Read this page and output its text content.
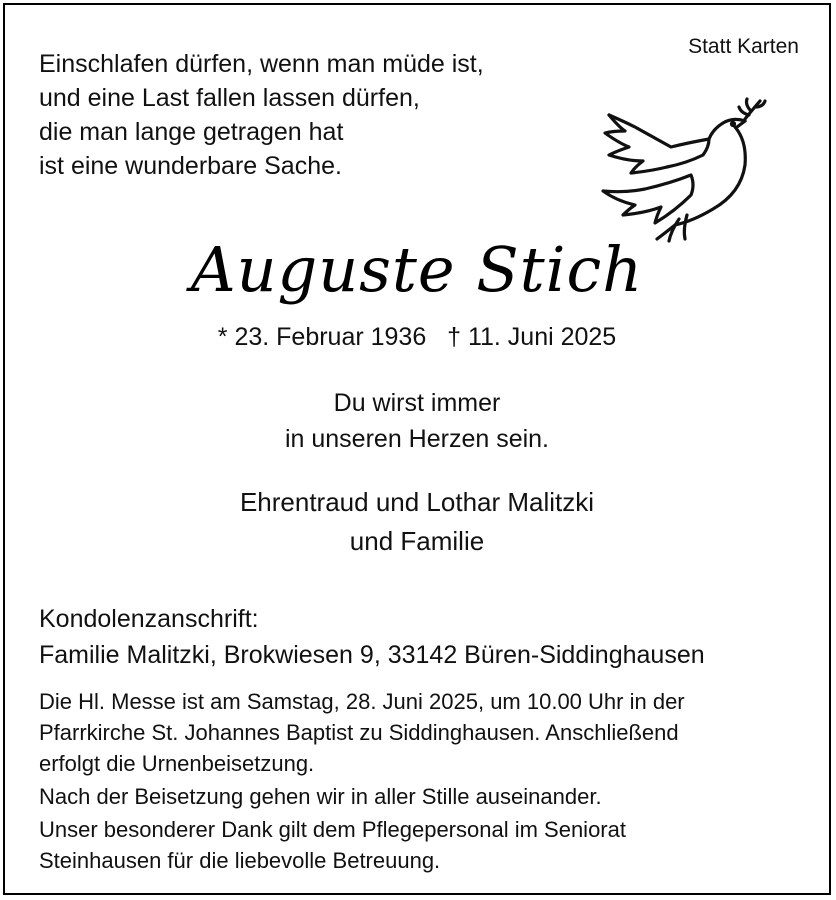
Statt Karten
Einschlafen dürfen, wenn man müde ist,
und eine Last fallen lassen dürfen,
die man lange getragen hat
ist eine wunderbare Sache.
Auguste Stich
* 23. Februar 1936 † 11. Juni 2025
Du wirst immer
in unseren Herzen sein.
Ehrentraud und Lothar Malitzki
und Familie
Kondolenzanschrift:
Familie Malitzki, Brokwiesen 9, 33142 Büren-Siddinghausen
Die Hl. Messe ist am Samstag, 28. Juni 2025, um 10.00 Uhr in der
Pfarrkirche St. Johannes Baptist zu Siddinghausen. Anschließend
erfolgt die Urnenbeisetzung.
Nach der Beisetzung gehen wir in aller Stille auseinander.
Unser besonderer Dank gilt dem Pflegepersonal im Seniorat
Steinhausen für die liebevolle Betreuung.
